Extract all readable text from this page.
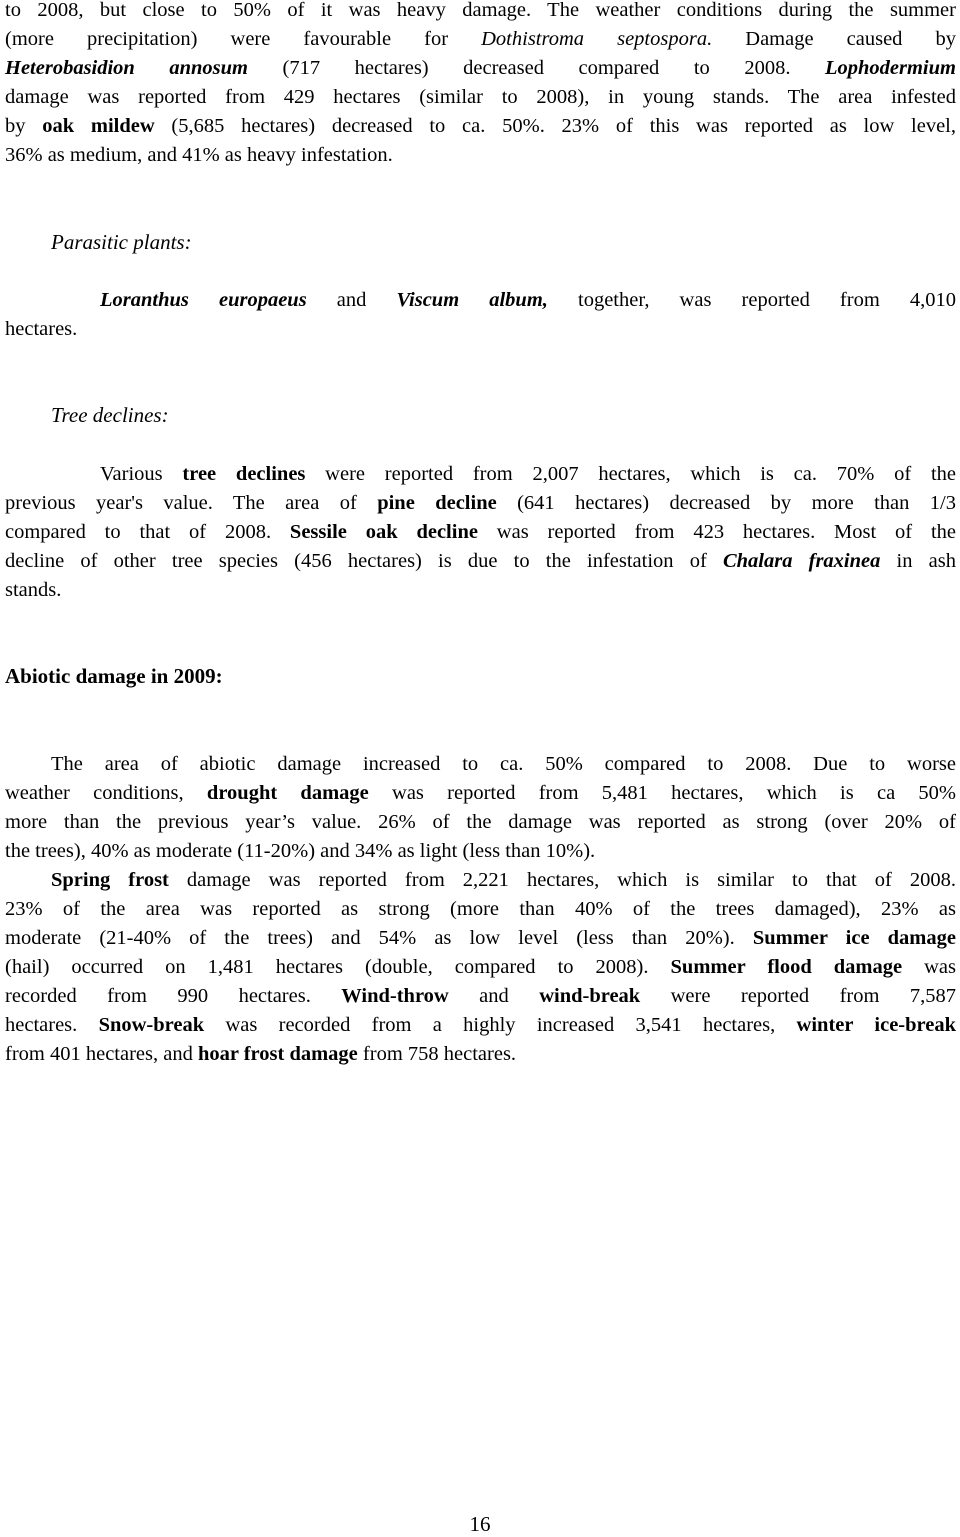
to 2008, but close to 50% of it was heavy damage. The weather conditions during the summer

(more precipitation) were favourable for Dothistroma septospora. Damage caused by

Heterobasidion annosum (717 hectares) decreased compared to 2008. Lophodermium

damage was reported from 429 hectares (similar to 2008), in young stands. The area infested

by oak mildew (5,685 hectares) decreased to ca. 50%. 23% of this was reported as low level,

36% as medium, and 41% as heavy infestation.

Parasitic plants:

Loranthus europaeus and Viscum album, together, was reported from 4,010

hectares.

Tree declines:

Various tree declines were reported from 2,007 hectares, which is ca. 70% of the

previous year's value. The area of pine decline (641 hectares) decreased by more than 1/3

compared to that of 2008. Sessile oak decline was reported from 423 hectares. Most of the

decline of other tree species (456 hectares) is due to the infestation of Chalara fraxinea in ash

stands.

Abiotic damage in 2009:

The area of abiotic damage increased to ca. 50% compared to 2008. Due to worse

weather conditions, drought damage was reported from 5,481 hectares, which is ca 50%

more than the previous year’s value. 26% of the damage was reported as strong (over 20% of

the trees), 40% as moderate (11-20%) and 34% as light (less than 10%).

Spring frost damage was reported from 2,221 hectares, which is similar to that of 2008.

23% of the area was reported as strong (more than 40% of the trees damaged), 23% as

moderate (21-40% of the trees) and 54% as low level (less than 20%). Summer ice damage

(hail) occurred on 1,481 hectares (double, compared to 2008). Summer flood damage was

recorded from 990 hectares. Wind-throw and wind-break were reported from 7,587

hectares. Snow-break was recorded from a highly increased 3,541 hectares, winter ice-break

from 401 hectares, and hoar frost damage from 758 hectares.

16
